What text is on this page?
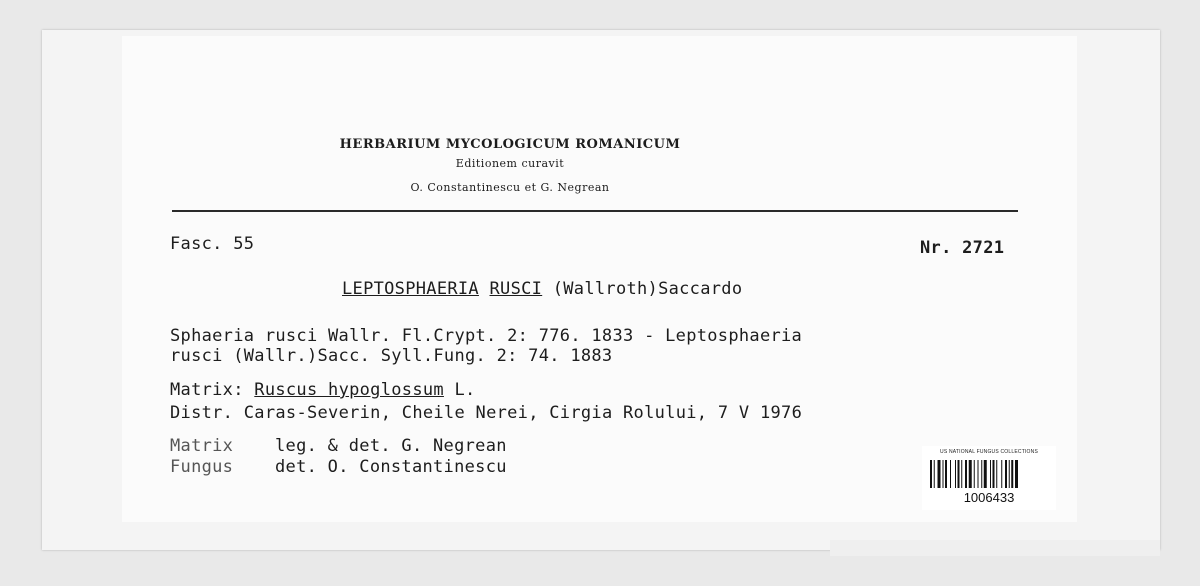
HERBARIUM MYCOLOGICUM ROMANICUM
Editionem curavit
O. Constantinescu et G. Negrean
Fasc. 55	Nr. 2721
LEPTOSPHAERIA RUSCI (Wallroth)Saccardo
Sphaeria rusci Wallr. Fl.Crypt. 2: 776. 1833 - Leptosphaeria
rusci (Wallr.)Sacc. Syll.Fung. 2: 74. 1883
Matrix: Ruscus hypoglossum L.
Distr. Caras-Severin, Cheile Nerei, Cirgia Rolului, 7 V 1976
Matrix leg. & det. G. Negrean
Fungus det. O. Constantinescu
US NATIONAL FUNGUS COLLECTIONS
1006433
